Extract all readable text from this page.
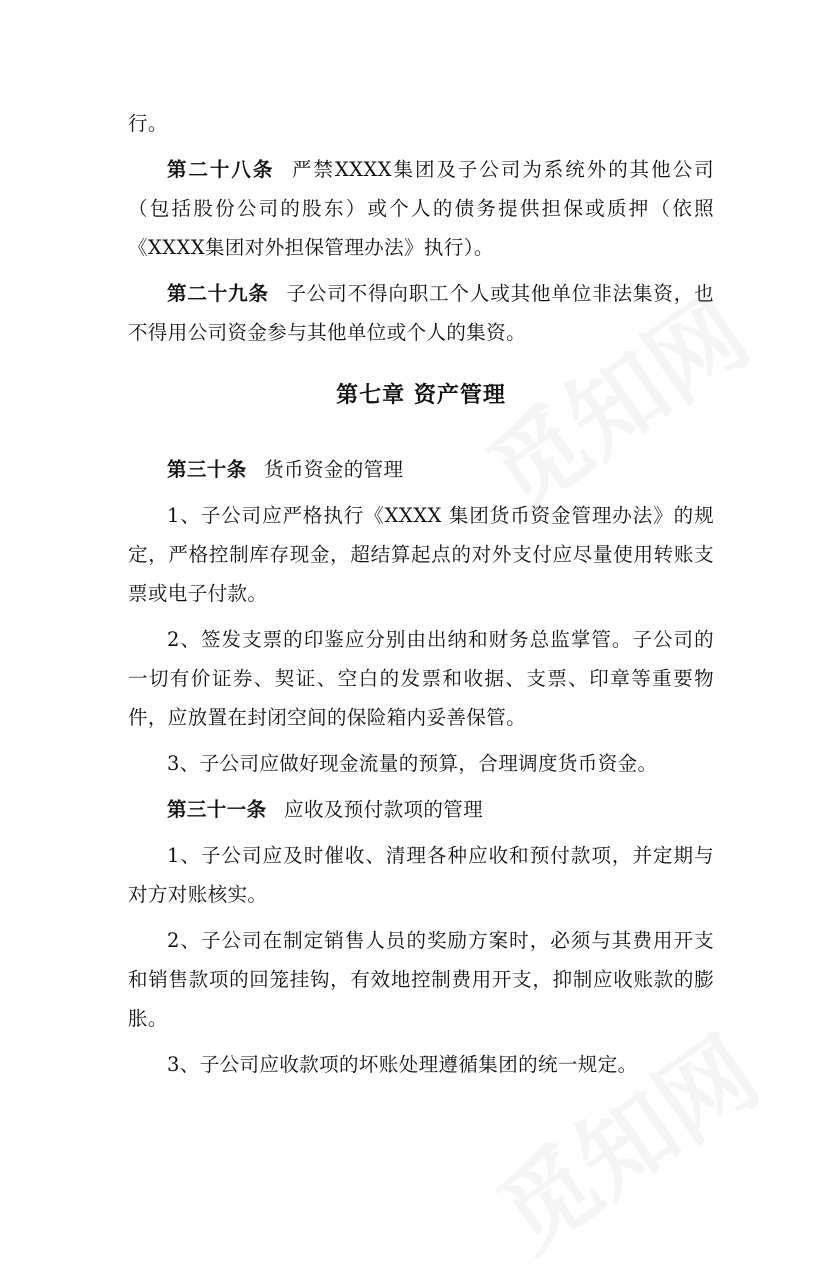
行。

第二十八条 严禁XXXX集团及子公司为系统外的其他公司（包括股份公司的股东）或个人的债务提供担保或质押（依照《XXXX集团对外担保管理办法》执行）。

第二十九条 子公司不得向职工个人或其他单位非法集资，也不得用公司资金参与其他单位或个人的集资。

第七章 资产管理

第三十条 货币资金的管理

1、子公司应严格执行《XXXX 集团货币资金管理办法》的规定，严格控制库存现金，超结算起点的对外支付应尽量使用转账支票或电子付款。

2、签发支票的印鉴应分别由出纳和财务总监掌管。子公司的一切有价证券、契证、空白的发票和收据、支票、印章等重要物件，应放置在封闭空间的保险箱内妥善保管。

3、子公司应做好现金流量的预算，合理调度货币资金。

第三十一条 应收及预付款项的管理

1、子公司应及时催收、清理各种应收和预付款项，并定期与对方对账核实。

2、子公司在制定销售人员的奖励方案时，必须与其费用开支和销售款项的回笼挂钩，有效地控制费用开支，抑制应收账款的膨胀。

3、子公司应收款项的坏账处理遵循集团的统一规定。
